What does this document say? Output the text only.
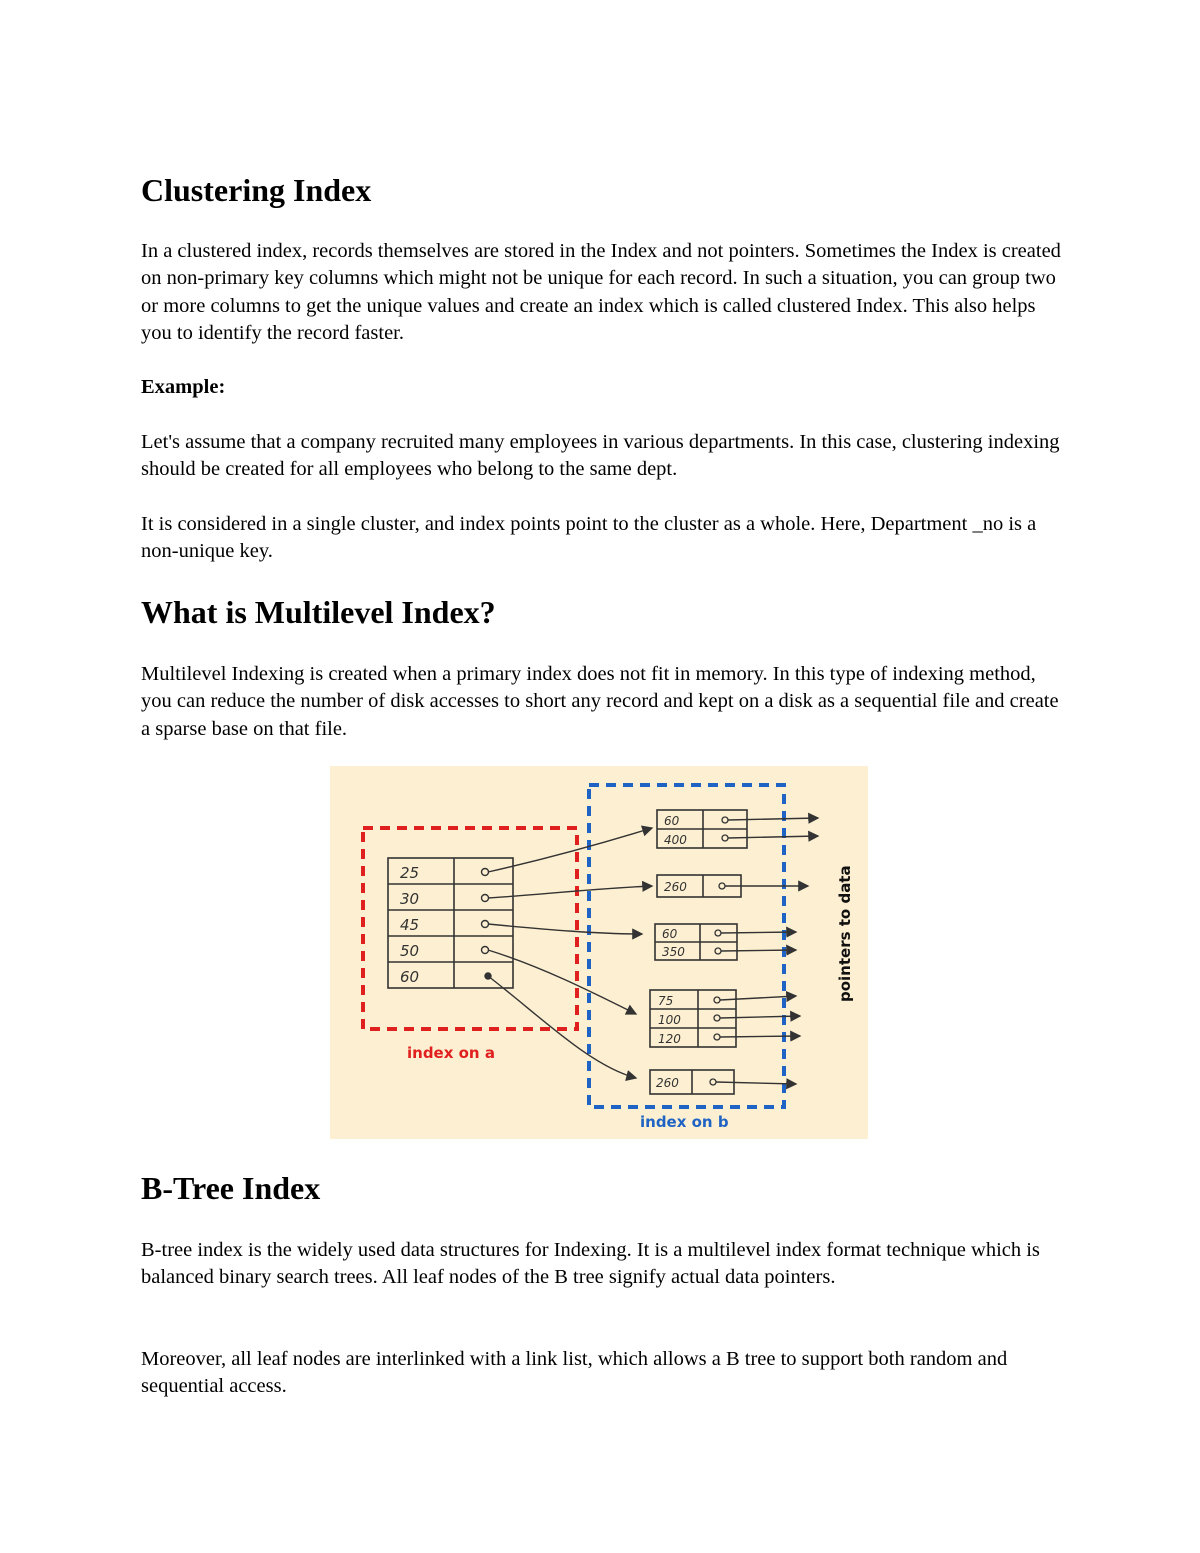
Clustering Index

In a clustered index, records themselves are stored in the Index and not pointers. Sometimes the Index is created on non-primary key columns which might not be unique for each record. In such a situation, you can group two or more columns to get the unique values and create an index which is called clustered Index. This also helps you to identify the record faster.

Example:

Let's assume that a company recruited many employees in various departments. In this case, clustering indexing should be created for all employees who belong to the same dept.

It is considered in a single cluster, and index points point to the cluster as a whole. Here, Department _no is a non-unique key.

What is Multilevel Index?

Multilevel Indexing is created when a primary index does not fit in memory. In this type of indexing method, you can reduce the number of disk accesses to short any record and kept on a disk as a sequential file and create a sparse base on that file.

B-Tree Index

B-tree index is the widely used data structures for Indexing. It is a multilevel index format technique which is balanced binary search trees. All leaf nodes of the B tree signify actual data pointers.

Moreover, all leaf nodes are interlinked with a link list, which allows a B tree to support both random and sequential access.

25
30
45
50
60
60
400
260
60
350
75
100
120
260
index on a
index on b
pointers to data
